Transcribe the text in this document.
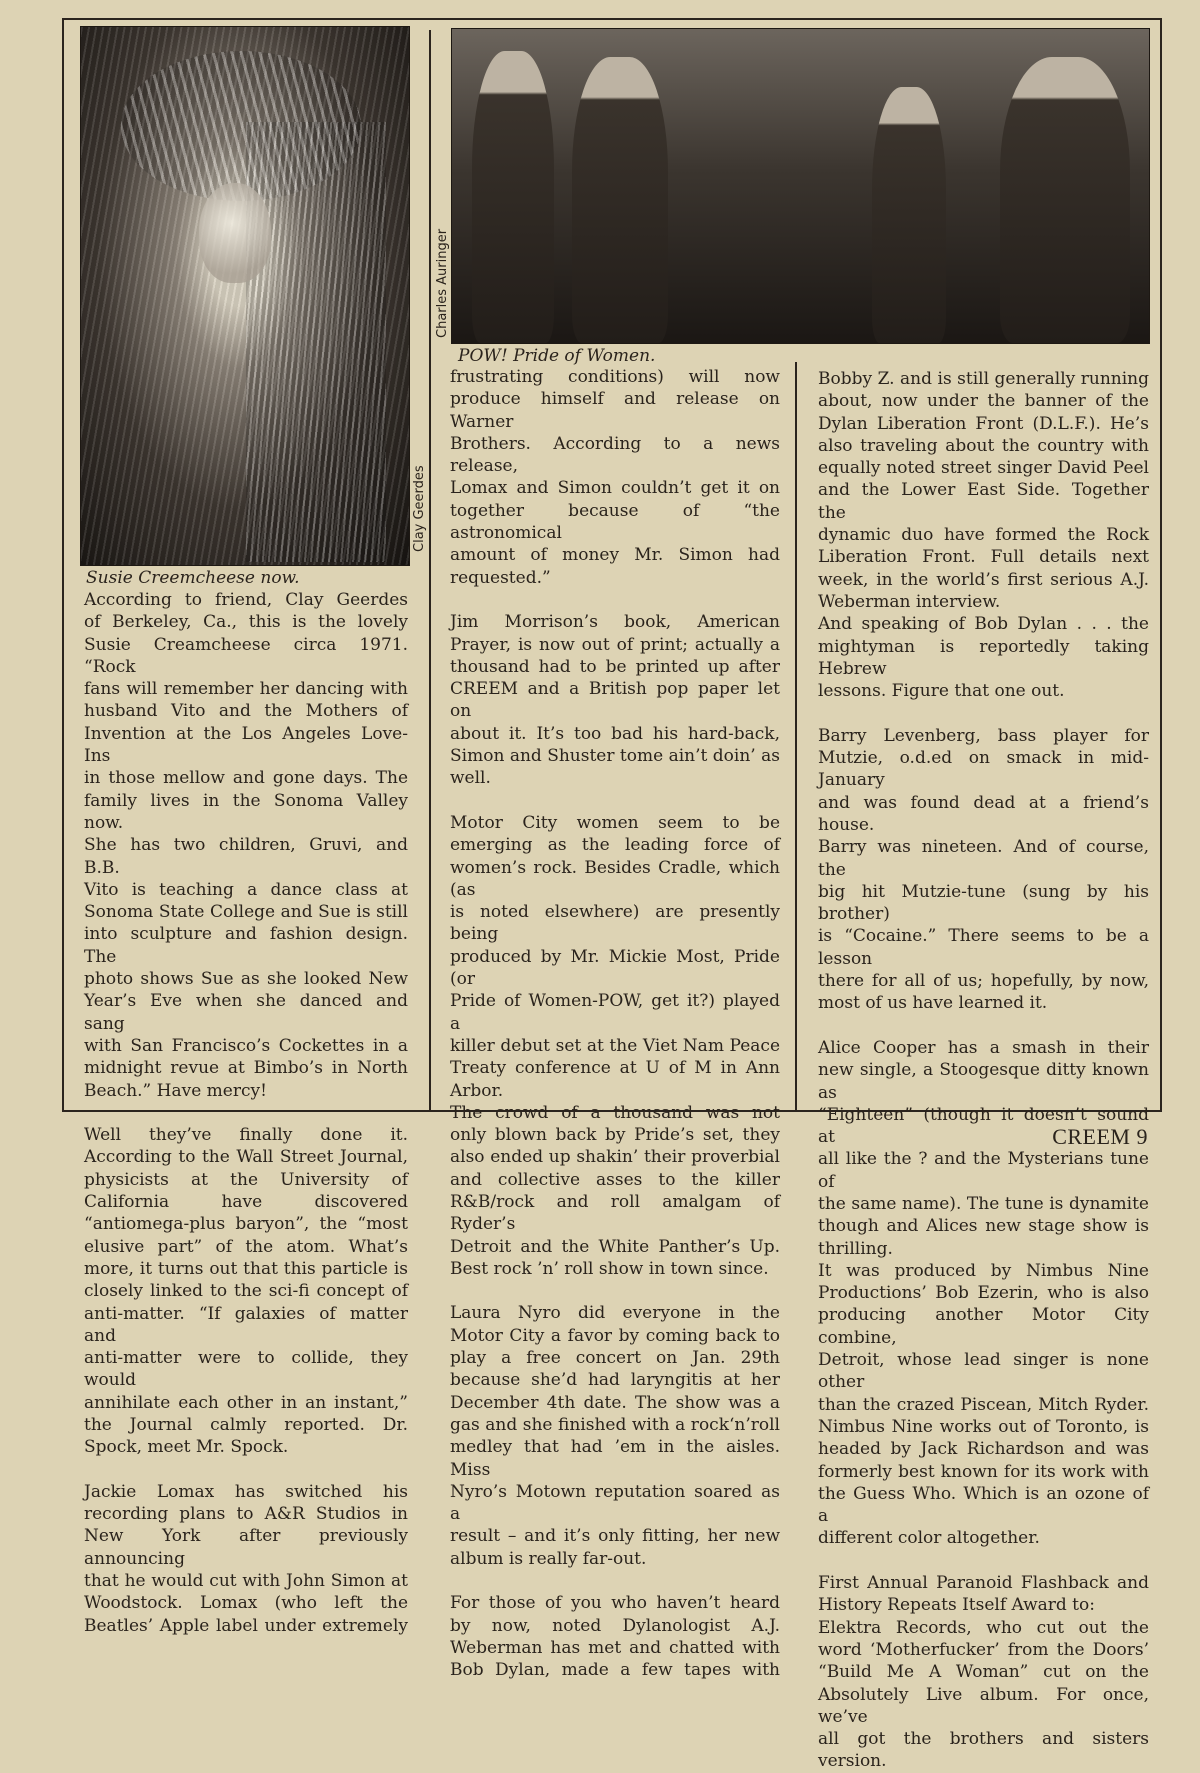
Clay Geerdes
Susie Creemcheese now.
Charles Auringer
POW! Pride of Women.

According to friend, Clay Geerdes

of Berkeley, Ca., this is the lovely

Susie Creamcheese circa 1971. “Rock

fans will remember her dancing with

husband Vito and the Mothers of

Invention at the Los Angeles Love-Ins

in those mellow and gone days. The

family lives in the Sonoma Valley now.

She has two children, Gruvi, and B.B.

Vito is teaching a dance class at

Sonoma State College and Sue is still

into sculpture and fashion design. The

photo shows Sue as she looked New

Year’s Eve when she danced and sang

with San Francisco’s Cockettes in a

midnight revue at Bimbo’s in North

Beach.” Have mercy!

Well they’ve finally done it.

According to the Wall Street Journal,

physicists at the University of

California have discovered

“antiomega-plus baryon”, the “most

elusive part” of the atom. What’s

more, it turns out that this particle is

closely linked to the sci-fi concept of

anti-matter. “If galaxies of matter and

anti-matter were to collide, they would

annihilate each other in an instant,”

the Journal calmly reported. Dr.

Spock, meet Mr. Spock.

Jackie Lomax has switched his

recording plans to A&R Studios in

New York after previously announcing

that he would cut with John Simon at

Woodstock. Lomax (who left the

Beatles’ Apple label under extremely

frustrating conditions) will now

produce himself and release on Warner

Brothers. According to a news release,

Lomax and Simon couldn’t get it on

together because of “the astronomical

amount of money Mr. Simon had

requested.”

Jim Morrison’s book, American

Prayer, is now out of print; actually a

thousand had to be printed up after

CREEM and a British pop paper let on

about it. It’s too bad his hard-back,

Simon and Shuster tome ain’t doin’ as

well.

Motor City women seem to be

emerging as the leading force of

women’s rock. Besides Cradle, which (as

is noted elsewhere) are presently being

produced by Mr. Mickie Most, Pride (or

Pride of Women-POW, get it?) played a

killer debut set at the Viet Nam Peace

Treaty conference at U of M in Ann

Arbor.

The crowd of a thousand was not

only blown back by Pride’s set, they

also ended up shakin’ their proverbial

and collective asses to the killer

R&B/rock and roll amalgam of Ryder’s

Detroit and the White Panther’s Up.

Best rock ’n’ roll show in town since.

Laura Nyro did everyone in the

Motor City a favor by coming back to

play a free concert on Jan. 29th

because she’d had laryngitis at her

December 4th date. The show was a

gas and she finished with a rock‘n’roll

medley that had ’em in the aisles. Miss

Nyro’s Motown reputation soared as a

result – and it’s only fitting, her new

album is really far-out.

For those of you who haven’t heard

by now, noted Dylanologist A.J.

Weberman has met and chatted with

Bob Dylan, made a few tapes with

Bobby Z. and is still generally running

about, now under the banner of the

Dylan Liberation Front (D.L.F.). He’s

also traveling about the country with

equally noted street singer David Peel

and the Lower East Side. Together the

dynamic duo have formed the Rock

Liberation Front. Full details next

week, in the world’s first serious A.J.

Weberman interview.

And speaking of Bob Dylan . . . the

mightyman is reportedly taking Hebrew

lessons. Figure that one out.

Barry Levenberg, bass player for

Mutzie, o.d.ed on smack in mid-January

and was found dead at a friend’s house.

Barry was nineteen. And of course, the

big hit Mutzie-tune (sung by his brother)

is “Cocaine.” There seems to be a lesson

there for all of us; hopefully, by now,

most of us have learned it.

Alice Cooper has a smash in their

new single, a Stoogesque ditty known as

“Eighteen” (though it doesn’t sound at

all like the ? and the Mysterians tune of

the same name). The tune is dynamite

though and Alices new stage show is

thrilling.

It was produced by Nimbus Nine

Productions’ Bob Ezerin, who is also

producing another Motor City combine,

Detroit, whose lead singer is none other

than the crazed Piscean, Mitch Ryder.

Nimbus Nine works out of Toronto, is

headed by Jack Richardson and was

formerly best known for its work with

the Guess Who. Which is an ozone of a

different color altogether.

First Annual Paranoid Flashback and

History Repeats Itself Award to:

Elektra Records, who cut out the

word ‘Motherfucker’ from the Doors’

“Build Me A Woman” cut on the

Absolutely Live album. For once, we’ve

all got the brothers and sisters version.

CREEM 9
